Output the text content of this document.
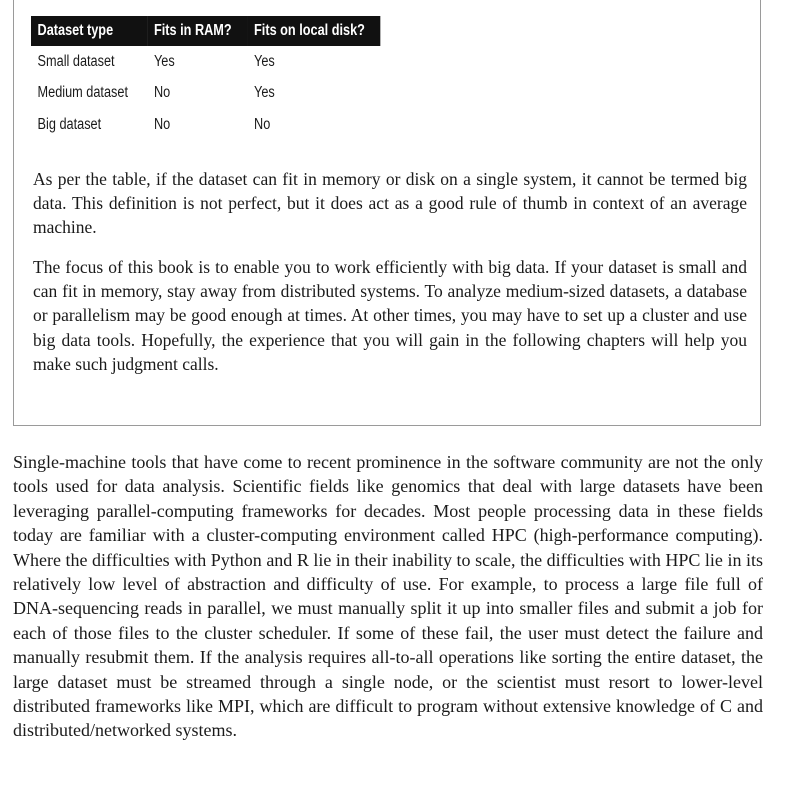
Dataset type	Fits in RAM?	Fits on local disk?
Small dataset	Yes	Yes
Medium dataset	No	Yes
Big dataset	No	No

As per the table, if the dataset can fit in memory or disk on a single system, it cannot be termed big data. This definition is not perfect, but it does act as a good rule of thumb in context of an average machine.

The focus of this book is to enable you to work efficiently with big data. If your dataset is small and can fit in memory, stay away from distributed systems. To analyze medium-sized datasets, a database or parallelism may be good enough at times. At other times, you may have to set up a cluster and use big data tools. Hopefully, the experience that you will gain in the following chapters will help you make such judgment calls.

Single-machine tools that have come to recent prominence in the software community are not the only tools used for data analysis. Scientific fields like genomics that deal with large datasets have been leveraging parallel-computing frameworks for decades. Most people processing data in these fields today are familiar with a cluster-computing environment called HPC (high-performance computing). Where the difficulties with Python and R lie in their inability to scale, the difficulties with HPC lie in its relatively low level of abstraction and difficulty of use. For example, to process a large file full of DNA-sequencing reads in parallel, we must manually split it up into smaller files and submit a job for each of those files to the cluster scheduler. If some of these fail, the user must detect the failure and manually resubmit them. If the analysis requires all-to-all operations like sorting the entire dataset, the large dataset must be streamed through a single node, or the scientist must resort to lower-level distributed frameworks like MPI, which are difficult to program without extensive knowledge of C and distributed/networked systems.
